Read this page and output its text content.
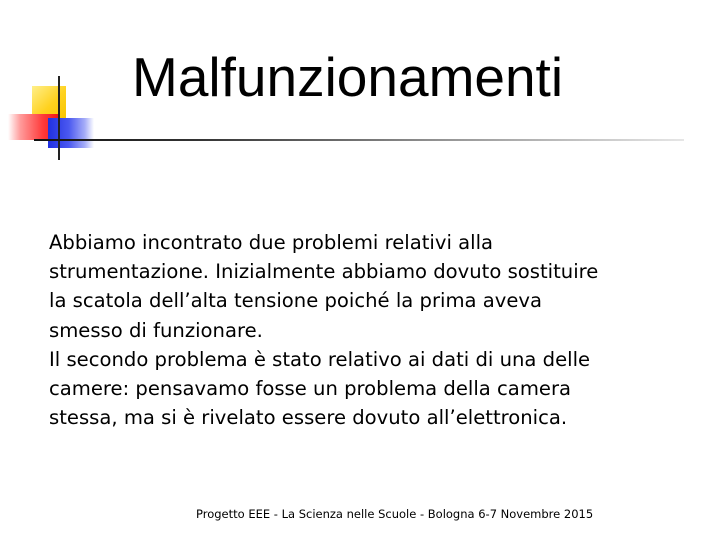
Malfunzionamenti
Abbiamo incontrato due problemi relativi alla
strumentazione. Inizialmente abbiamo dovuto sostituire
la scatola dell’alta tensione poiché la prima aveva
smesso di funzionare.
Il secondo problema è stato relativo ai dati di una delle
camere: pensavamo fosse un problema della camera
stessa, ma si è rivelato essere dovuto all’elettronica.
Progetto EEE - La Scienza nelle Scuole - Bologna 6-7 Novembre 2015
